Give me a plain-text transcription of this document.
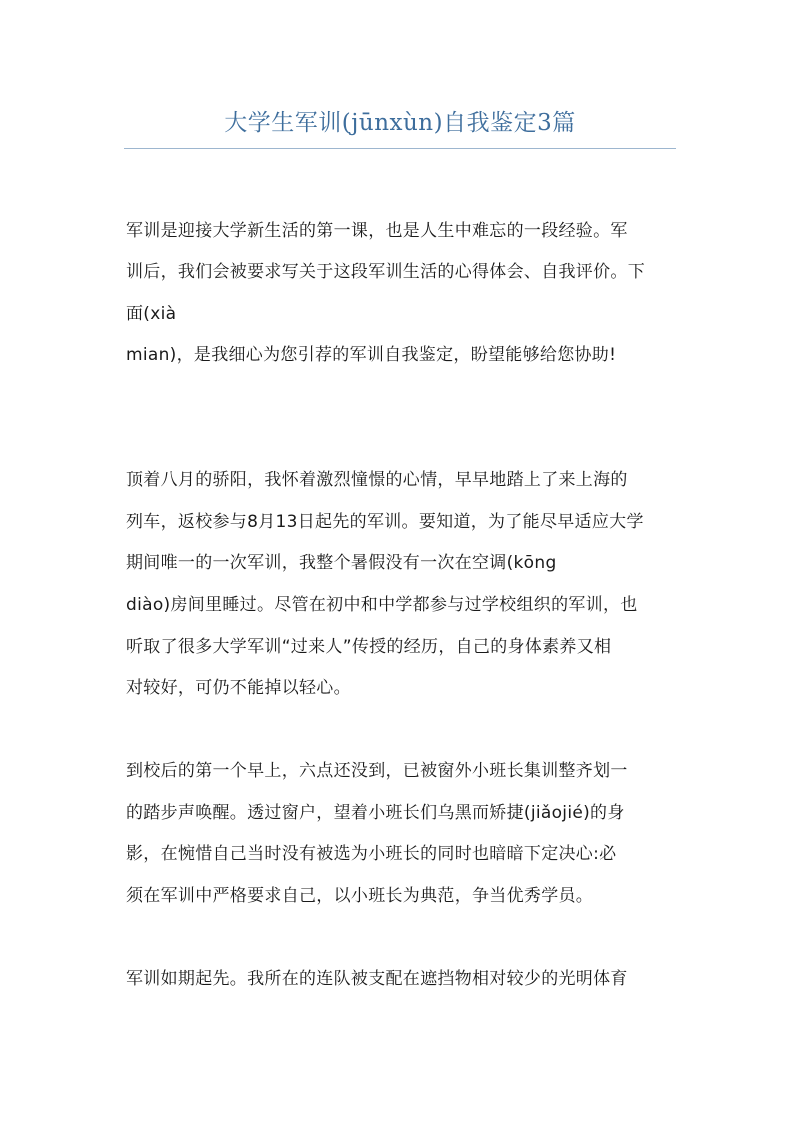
大学生军训(jūnxùn)自我鉴定3篇
军训是迎接大学新生活的第一课，也是人生中难忘的一段经验。军
训后，我们会被要求写关于这段军训生活的心得体会、自我评价。下
面(xià
mian)，是我细心为您引荐的军训自我鉴定，盼望能够给您协助!
顶着八月的骄阳，我怀着激烈憧憬的心情，早早地踏上了来上海的
列车，返校参与8月13日起先的军训。要知道，为了能尽早适应大学
期间唯一的一次军训，我整个暑假没有一次在空调(kōng
diào)房间里睡过。尽管在初中和中学都参与过学校组织的军训，也
听取了很多大学军训“过来人”传授的经历，自己的身体素养又相
对较好，可仍不能掉以轻心。
到校后的第一个早上，六点还没到，已被窗外小班长集训整齐划一
的踏步声唤醒。透过窗户，望着小班长们乌黑而矫捷(jiǎojié)的身
影，在惋惜自己当时没有被选为小班长的同时也暗暗下定决心:必
须在军训中严格要求自己，以小班长为典范，争当优秀学员。
军训如期起先。我所在的连队被支配在遮挡物相对较少的光明体育
